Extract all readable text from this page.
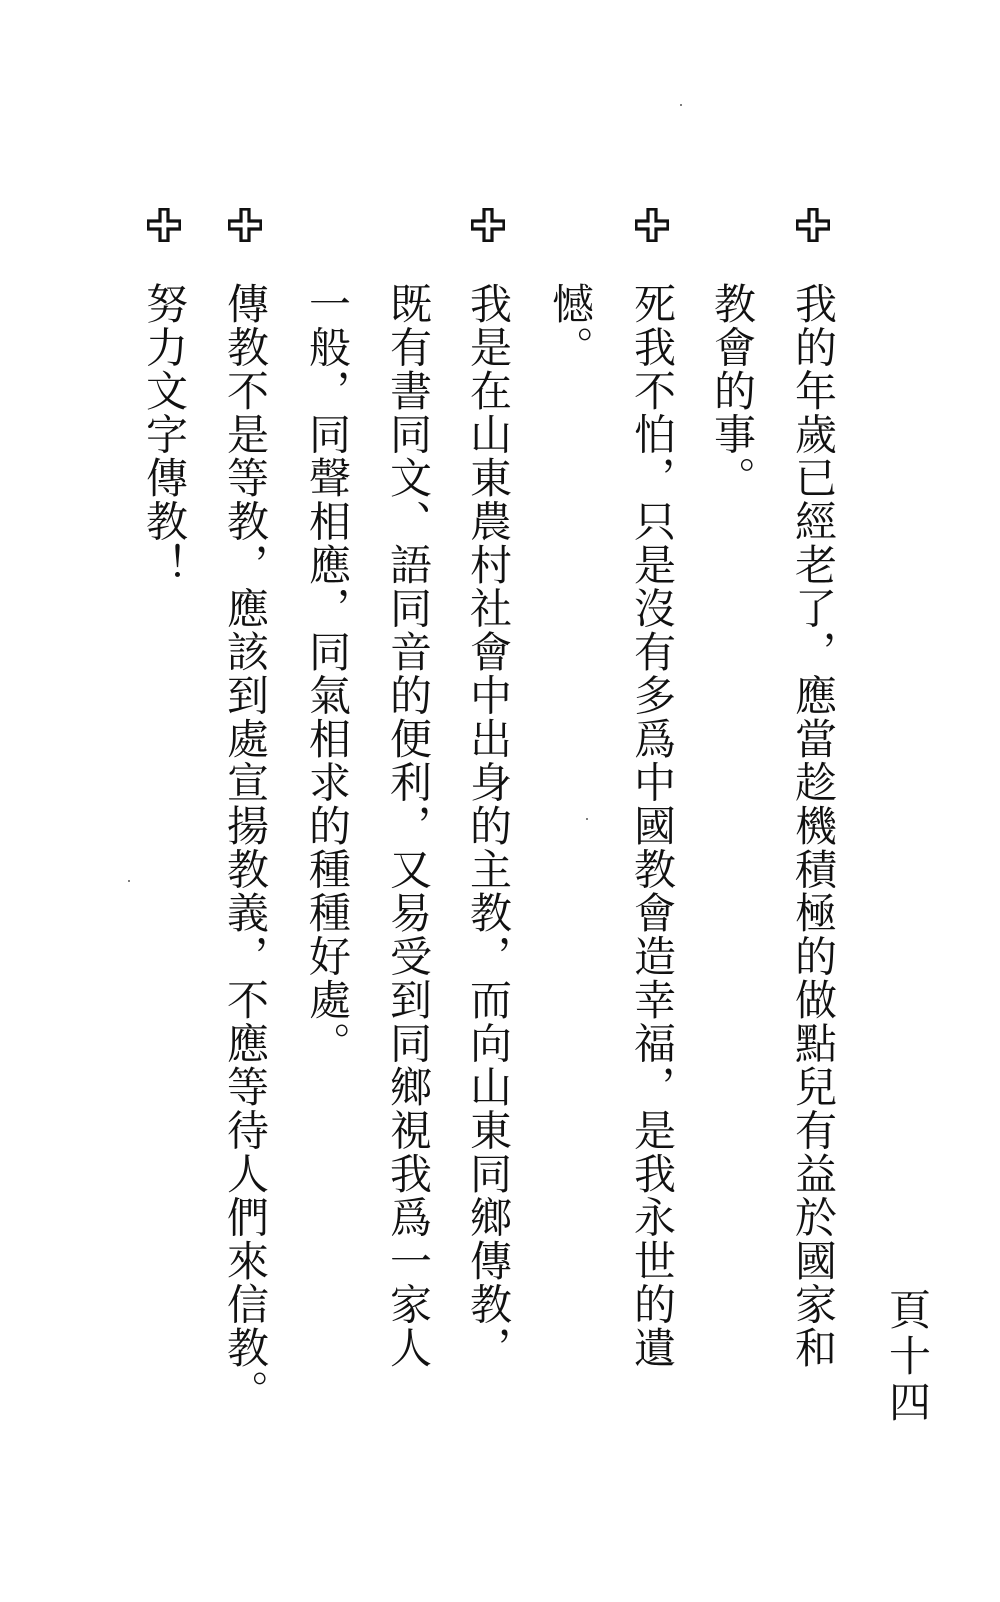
頁十四
我的年歲已經老了，應當趁機積極的做點兒有益於國家和
教會的事。
死我不怕，只是沒有多爲中國教會造幸福，是我永世的遺
憾。
我是在山東農村社會中出身的主教，而向山東同鄉傳教，
既有書同文、語同音的便利，又易受到同鄉視我爲一家人
一般，同聲相應，同氣相求的種種好處。
傳教不是等教，應該到處宣揚教義，不應等待人們來信教。
努力文字傳教！
